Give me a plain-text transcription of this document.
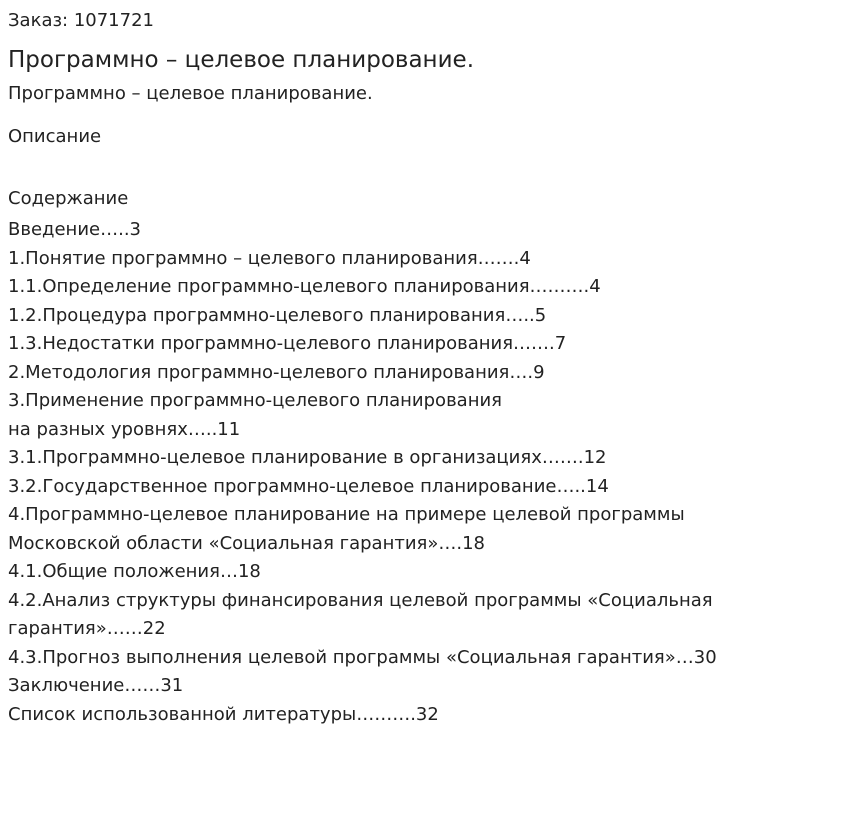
Заказ: 1071721

Программно – целевое планирование.

Программно – целевое планирование.

Описание

Содержание

Введение…..3
1.Понятие программно – целевого планирования…….4
1.1.Определение программно-целевого планирования……….4
1.2.Процедура программно-целевого планирования…..5
1.3.Недостатки программно-целевого планирования…….7
2.Методология программно-целевого планирования….9
3.Применение программно-целевого планирования
на разных уровнях…..11
3.1.Программно-целевое планирование в организациях…….12
3.2.Государственное программно-целевое планирование…..14
4.Программно-целевое планирование на примере целевой программы
Московской области «Социальная гарантия»….18
4.1.Общие положения…18
4.2.Анализ структуры финансирования целевой программы «Социальная
гарантия»……22
4.3.Прогноз выполнения целевой программы «Социальная гарантия»…30
Заключение……31
Список использованной литературы……….32
